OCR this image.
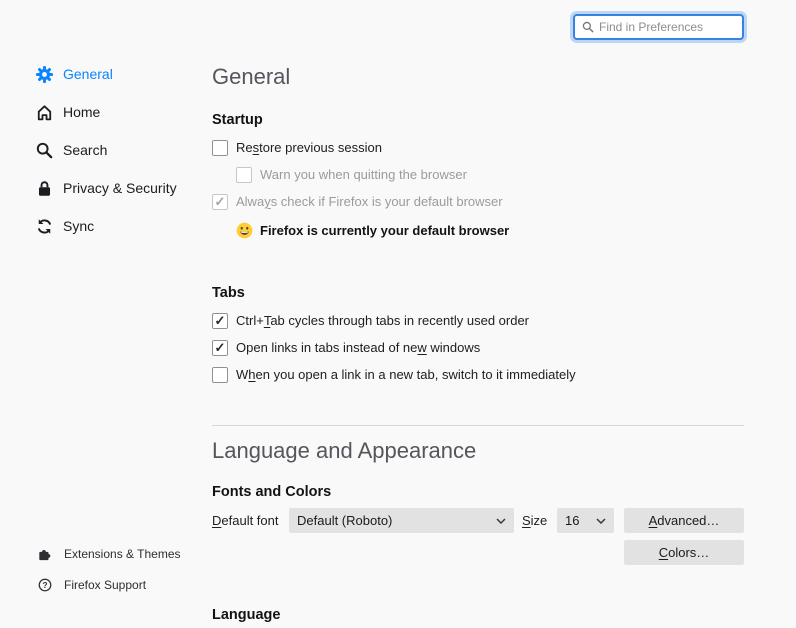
Find in Preferences
General
Home
Search
Privacy & Security
Sync
Extensions & Themes
? Firefox Support
General
Startup
Restore previous session
Warn you when quitting the browser
✓
Always check if Firefox is your default browser
Firefox is currently your default browser
Tabs
✓
Ctrl+Tab cycles through tabs in recently used order
✓
Open links in tabs instead of new windows
When you open a link in a new tab, switch to it immediately
Language and Appearance
Fonts and Colors
Default font	Default (Roboto)	Size	16	Advanced…
Colors…
Language
